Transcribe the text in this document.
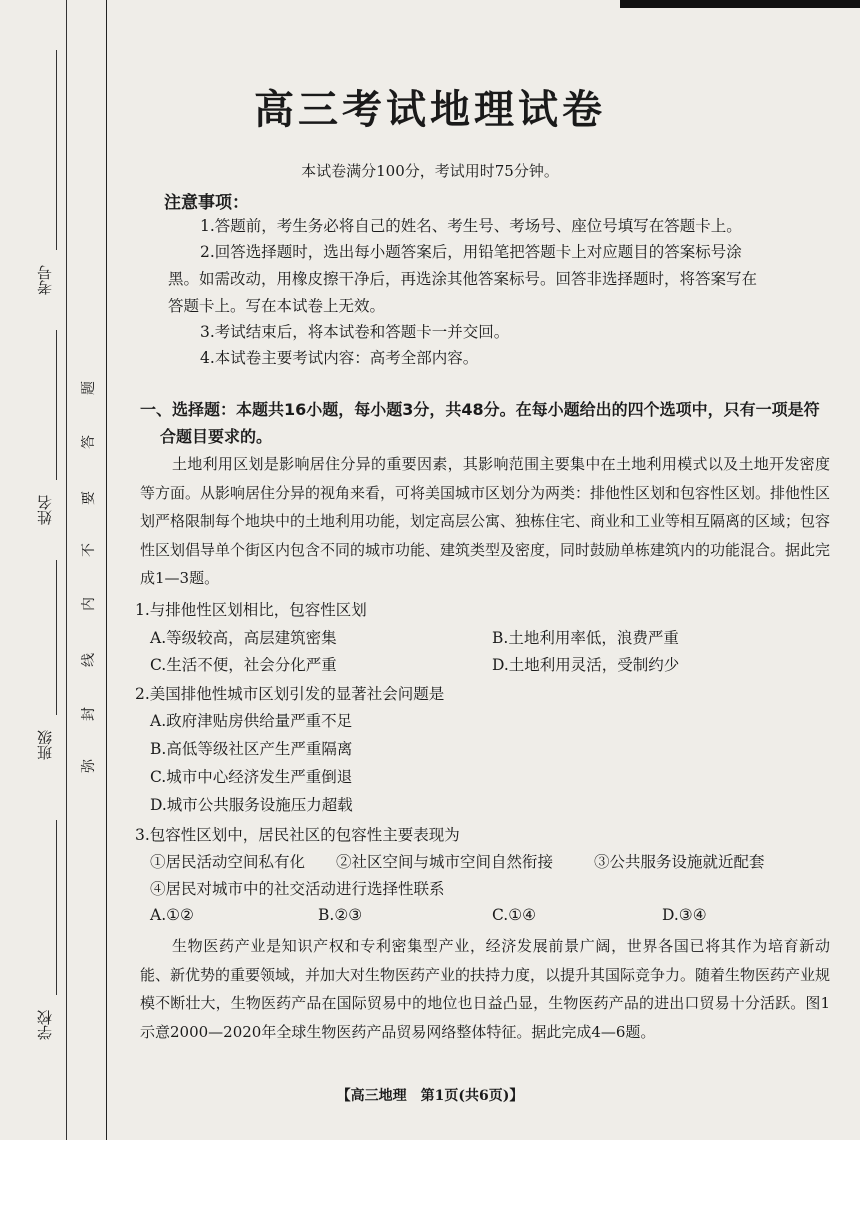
考号
姓名
班级
学校
题
答
要
不
内
线
封
弥
高三考试地理试卷
本试卷满分100分，考试用时75分钟。
注意事项：
1.答题前，考生务必将自己的姓名、考生号、考场号、座位号填写在答题卡上。
2.回答选择题时，选出每小题答案后，用铅笔把答题卡上对应题目的答案标号涂
黑。如需改动，用橡皮擦干净后，再选涂其他答案标号。回答非选择题时，将答案写在
答题卡上。写在本试卷上无效。
3.考试结束后，将本试卷和答题卡一并交回。
4.本试卷主要考试内容：高考全部内容。
一、选择题：本题共16小题，每小题3分，共48分。在每小题给出的四个选项中，只有一项是符
合题目要求的。
土地利用区划是影响居住分异的重要因素，其影响范围主要集中在土地利用模式以及土地开发密度等方面。从影响居住分异的视角来看，可将美国城市区划分为两类：排他性区划和包容性区划。排他性区划严格限制每个地块中的土地利用功能，划定高层公寓、独栋住宅、商业和工业等相互隔离的区域；包容性区划倡导单个街区内包含不同的城市功能、建筑类型及密度，同时鼓励单栋建筑内的功能混合。据此完成1—3题。
1.与排他性区划相比，包容性区划
A.等级较高，高层建筑密集	B.土地利用率低，浪费严重
C.生活不便，社会分化严重	D.土地利用灵活，受制约少
2.美国排他性城市区划引发的显著社会问题是
A.政府津贴房供给量严重不足
B.高低等级社区产生严重隔离
C.城市中心经济发生严重倒退
D.城市公共服务设施压力超载
3.包容性区划中，居民社区的包容性主要表现为
①居民活动空间私有化 ②社区空间与城市空间自然衔接	③公共服务设施就近配套
④居民对城市中的社交活动进行选择性联系
A.①②	B.②③	C.①④	D.③④
生物医药产业是知识产权和专利密集型产业，经济发展前景广阔，世界各国已将其作为培育新动能、新优势的重要领域，并加大对生物医药产业的扶持力度，以提升其国际竞争力。随着生物医药产业规模不断壮大，生物医药产品在国际贸易中的地位也日益凸显，生物医药产品的进出口贸易十分活跃。图1示意2000—2020年全球生物医药产品贸易网络整体特征。据此完成4—6题。
【高三地理　第1页(共6页)】
